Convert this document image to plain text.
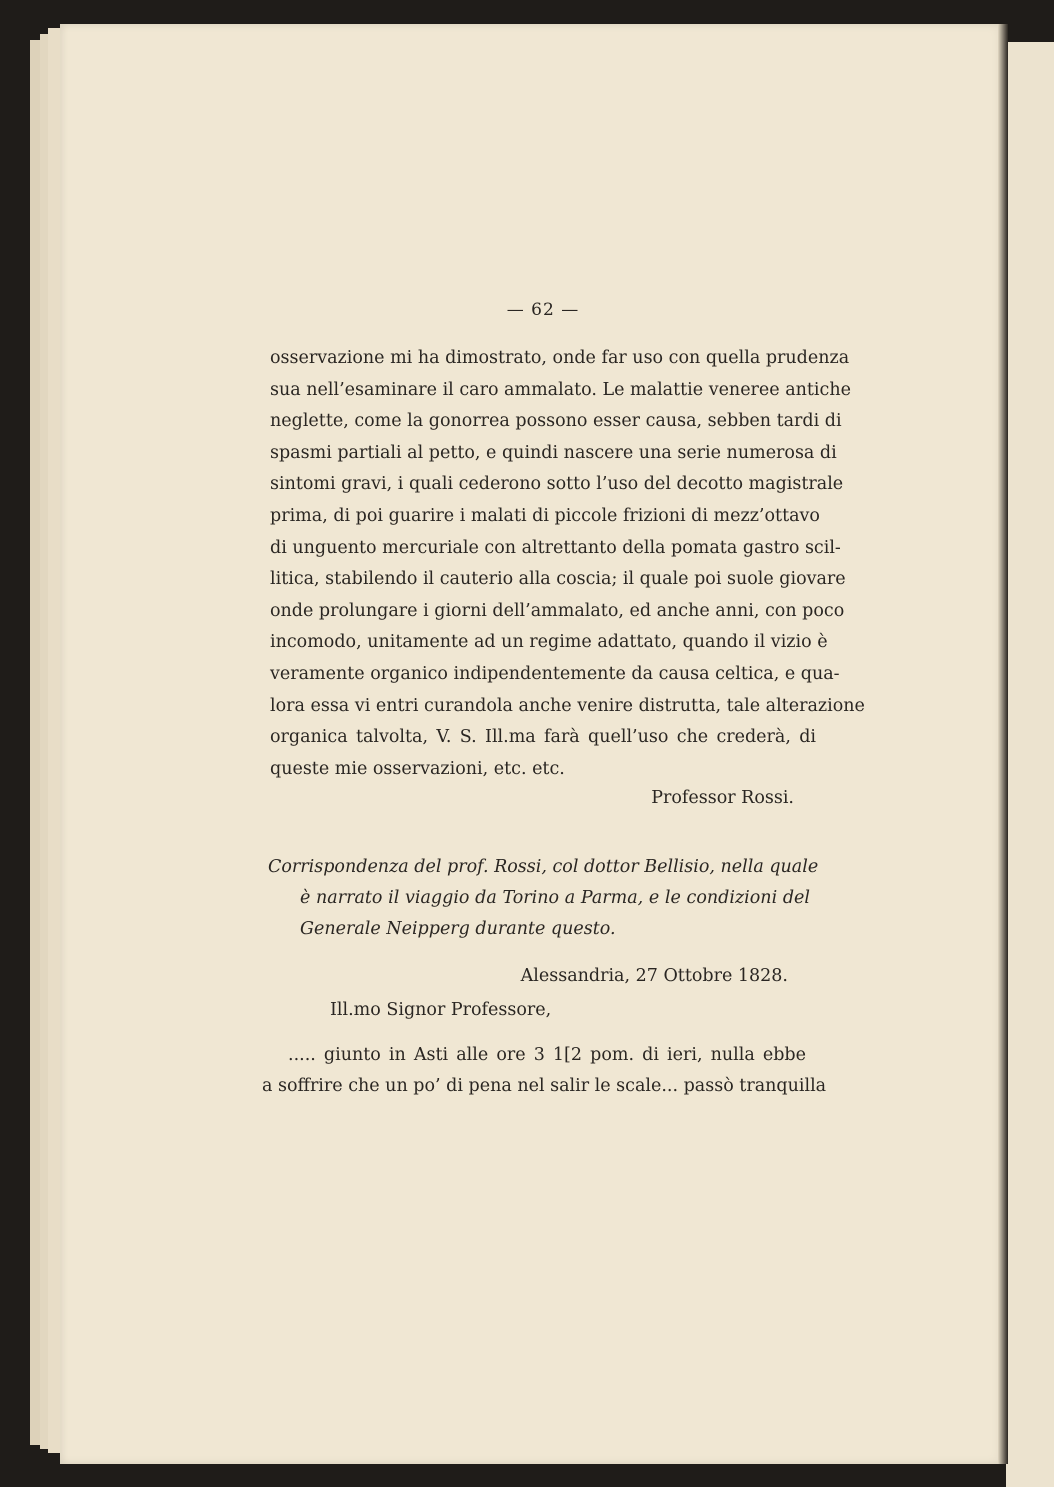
— 62 —
osservazione mi ha dimostrato, onde far uso con quella prudenza
sua nell’esaminare il caro ammalato. Le malattie veneree antiche
neglette, come la gonorrea possono esser causa, sebben tardi di
spasmi partiali al petto, e quindi nascere una serie numerosa di
sintomi gravi, i quali cederono sotto l’uso del decotto magistrale
prima, di poi guarire i malati di piccole frizioni di mezz’ottavo
di unguento mercuriale con altrettanto della pomata gastro scil-
litica, stabilendo il cauterio alla coscia; il quale poi suole giovare
onde prolungare i giorni dell’ammalato, ed anche anni, con poco
incomodo, unitamente ad un regime adattato, quando il vizio è
veramente organico indipendentemente da causa celtica, e qua-
lora essa vi entri curandola anche venire distrutta, tale alterazione
organica talvolta, V. S. Ill.ma farà quell’uso che crederà, di
queste mie osservazioni, etc. etc.
Professor Rossi.
Corrispondenza del prof. Rossi, col dottor Bellisio, nella quale
è narrato il viaggio da Torino a Parma, e le condizioni del
Generale Neipperg durante questo.
Alessandria, 27 Ottobre 1828.
Ill.mo Signor Professore,
..... giunto in Asti alle ore 3 1[2 pom. di ieri, nulla ebbe
a soffrire che un po’ di pena nel salir le scale... passò tranquilla
